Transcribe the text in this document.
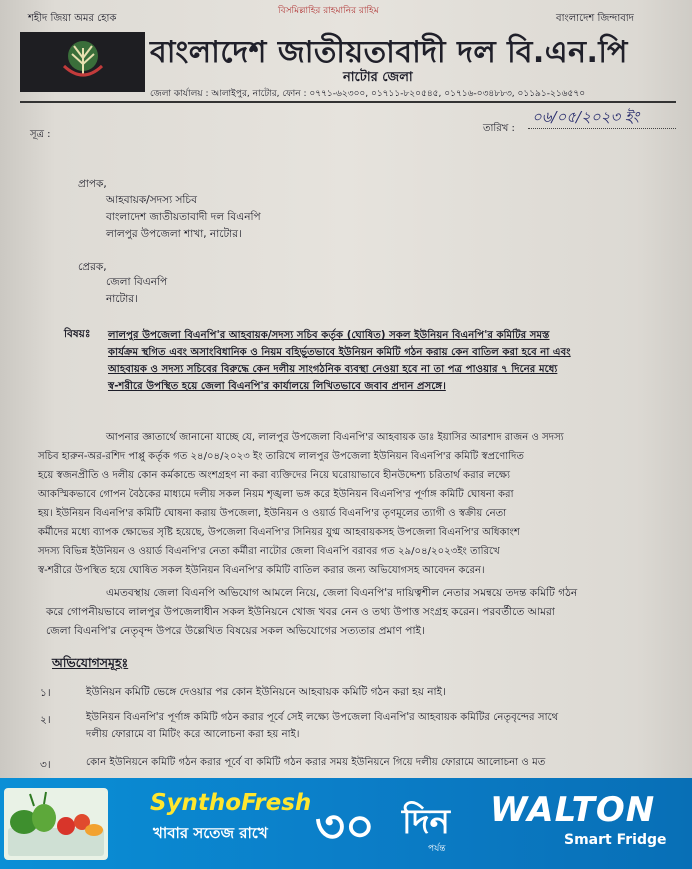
বিসমিল্লাহির রাহমানির রাহিম
শহীদ জিয়া অমর হোক	বাংলাদেশ জিন্দাবাদ
বাংলাদেশ জাতীয়তাবাদী দল বি.এন.পি
নাটোর জেলা
জেলা কার্যালয় : আলাইপুর, নাটোর, ফোন : ০৭৭১-৬২৩০০, ০১৭১১-৮২০৫৪৫, ০১৭১৬-০৩৪৮৮৩, ০১১৯১-২১৬৫৭০
সূত্র :
তারিখ :
০৬/০৫/২০২৩ ইং
প্রাপক,
আহবায়ক/সদস্য সচিব
বাংলাদেশ জাতীয়তাবাদী দল বিএনপি
লালপুর উপজেলা শাখা, নাটোর।
প্রেরক,
জেলা বিএনপি
নাটোর।
বিষয়ঃ লালপুর উপজেলা বিএনপি'র আহবায়ক/সদস্য সচিব কর্তৃক (ঘোষিত) সকল ইউনিয়ন বিএনপি'র কমিটির সমস্ত
কার্যক্রম স্থগিত এবং অসাংবিধানিক ও নিয়ম বহির্ভূতভাবে ইউনিয়ন কমিটি গঠন করায় কেন বাতিল করা হবে না এবং
আহবায়ক ও সদস্য সচিবের বিরুদ্ধে কেন দলীয় সাংগঠনিক ব্যবস্থা নেওয়া হবে না তা পত্র পাওয়ার ৭ দিনের মধ্যে
স্ব-শরীরে উপস্থিত হয়ে জেলা বিএনপি'র কার্যালয়ে লিখিতভাবে জবাব প্রদান প্রসঙ্গে।
আপনার জ্ঞাতার্থে জানানো যাচ্ছে যে, লালপুর উপজেলা বিএনপি'র আহবায়ক ডাঃ ইয়াসির আরশাদ রাজন ও সদস্য
সচিব হারুন-অর-রশিদ পাপ্পু কর্তৃক গত ২৪/০৪/২০২৩ ইং তারিখে লালপুর উপজেলা ইউনিয়ন বিএনপি'র কমিটি স্বপ্রণোদিত
হয়ে স্বজনপ্রীতি ও দলীয় কোন কর্মকান্ডে অংশগ্রহণ না করা ব্যক্তিদের নিয়ে ঘরোয়াভাবে হীনউদ্দেশ্য চরিতার্থ করার লক্ষ্যে
আকস্মিকভাবে গোপন বৈঠকের মাধ্যমে দলীয় সকল নিয়ম শৃঙ্খলা ভঙ্গ করে ইউনিয়ন বিএনপি'র পূর্ণাঙ্গ কমিটি ঘোষনা করা
হয়। ইউনিয়ন বিএনপি'র কমিটি ঘোষনা করায় উপজেলা, ইউনিয়ন ও ওয়ার্ড বিএনপি'র তৃণমূলের ত্যাগী ও স্বক্রীয় নেতা
কর্মীদের মধ্যে ব্যাপক ক্ষোভের সৃষ্টি হয়েছে, উপজেলা বিএনপি'র সিনিয়র যুগ্ম আহবায়কসহ উপজেলা বিএনপি'র অধিকাংশ
সদস্য বিভিন্ন ইউনিয়ন ও ওয়ার্ড বিএনপি'র নেতা কর্মীরা নাটোর জেলা বিএনপি বরাবর গত ২৯/০৪/২০২৩ইং তারিখে
স্ব-শরীরে উপস্থিত হয়ে ঘোষিত সকল ইউনিয়ন বিএনপি'র কমিটি বাতিল করার জন্য অভিযোগসহ আবেদন করেন।
এমতবস্থায় জেলা বিএনপি অভিযোগ আমলে নিয়ে, জেলা বিএনপি'র দায়িত্বশীল নেতার সমন্বয়ে তদন্ত কমিটি গঠন
করে গোপনীয়ভাবে লালপুর উপজেলাধীন সকল ইউনিয়নে খোজ খবর নেন ও তথ্য উপাত্ত সংগ্রহ করেন। পরবর্তীতে আমরা
জেলা বিএনপি'র নেতৃবৃন্দ উপরে উল্লেখিত বিষয়ের সকল অভিযোগের সত্যতার প্রমাণ পাই।
অভিযোগসমূহঃ
১।	ইউনিয়ন কমিটি ভেঙ্গে দেওয়ার পর কোন ইউনিয়নে আহবায়ক কমিটি গঠন করা হয় নাই।
২।	ইউনিয়ন বিএনপি'র পূর্ণাঙ্গ কমিটি গঠন করার পূর্বে সেই লক্ষ্যে উপজেলা বিএনপি'র আহবায়ক কমিটির নেতৃবৃন্দের সাথে
দলীয় ফোরামে বা মিটিং করে আলোচনা করা হয় নাই।
৩।	কোন ইউনিয়নে কমিটি গঠন করার পূর্বে বা কমিটি গঠন করার সময় ইউনিয়নে গিয়ে দলীয় ফোরামে আলোচনা ও মত
SynthoFresh
খাবার সতেজ রাখে ৩০ দিন
পর্যন্ত
WALTON
Smart Fridge
